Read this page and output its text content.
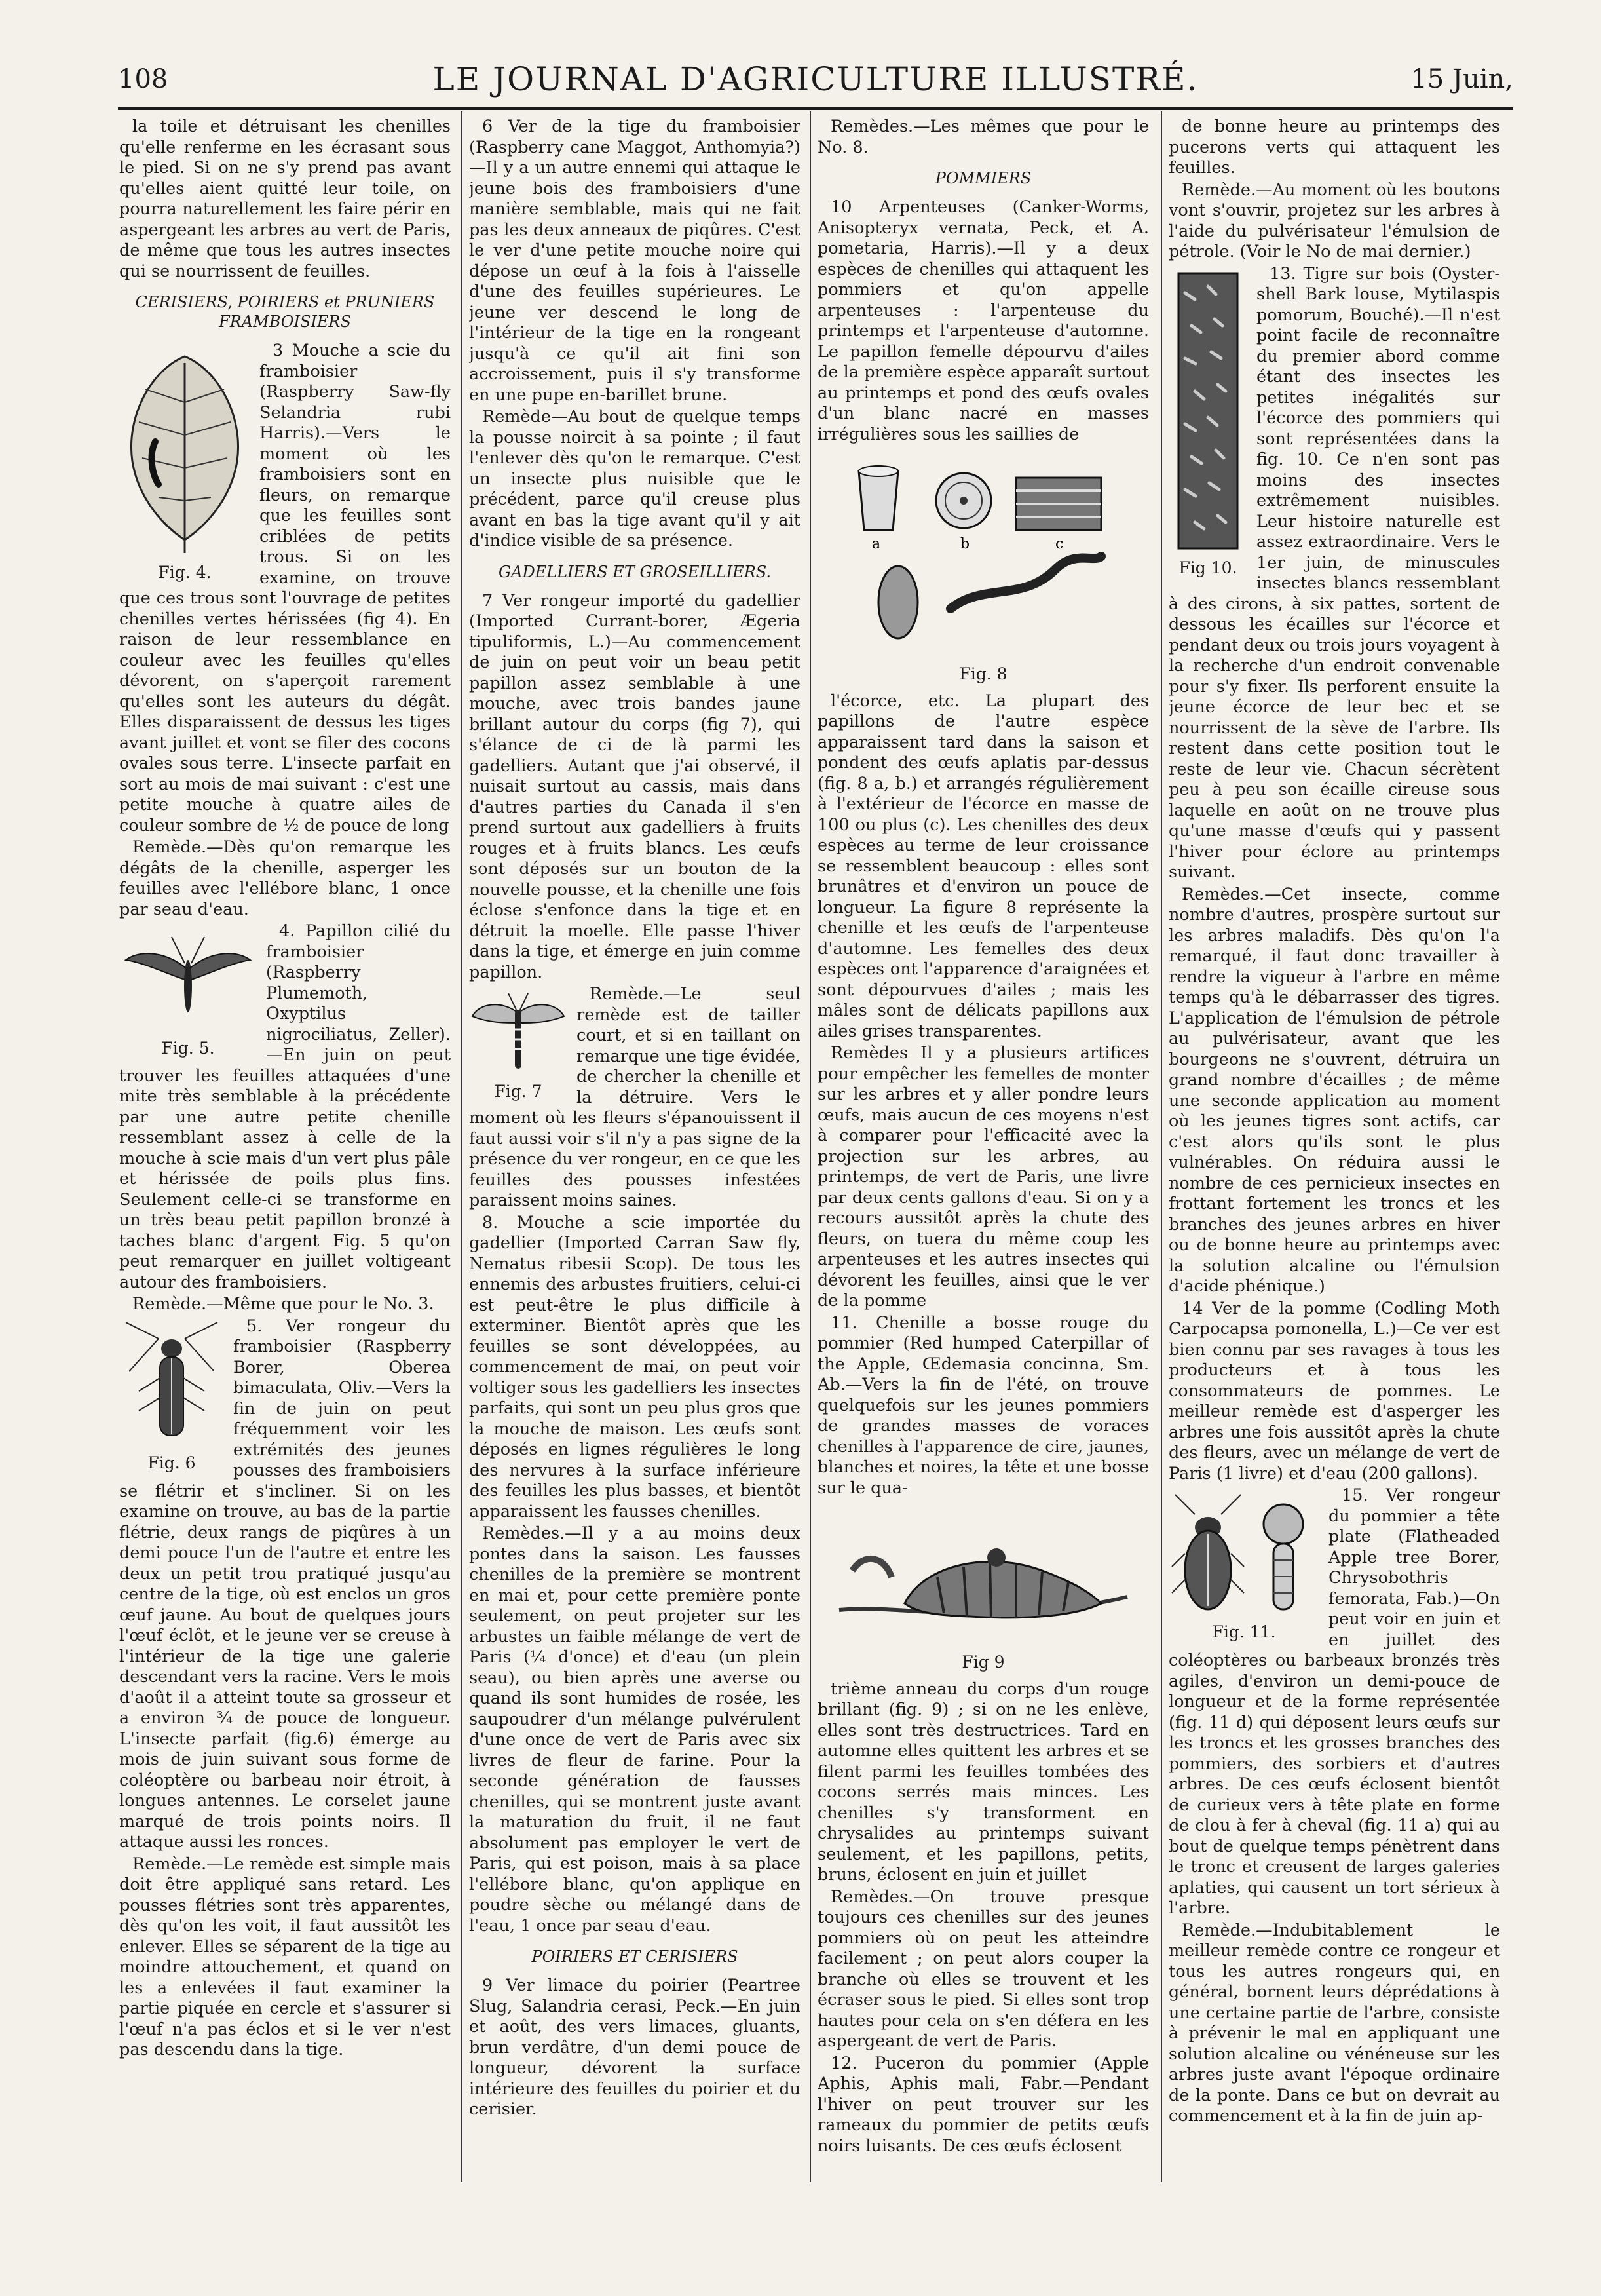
108	LE JOURNAL D'AGRICULTURE ILLUSTRÉ.	15 Juin,

la toile et détruisant les chenilles qu'elle renferme en les écrasant sous le pied. Si on ne s'y prend pas avant qu'elles aient quitté leur toile, on pourra naturellement les faire périr en aspergeant les arbres au vert de Paris, de même que tous les autres insectes qui se nourrissent de feuilles.

CERISIERS, POIRIERS et PRUNIERS FRAMBOISIERS
Fig. 4.

3 Mouche a scie du framboisier (Raspberry Saw-fly Selandria rubi Harris).—Vers le moment où les framboisiers sont en fleurs, on remarque que les feuilles sont criblées de petits trous. Si on les examine, on trouve que ces trous sont l'ouvrage de petites chenilles vertes hérissées (fig 4). En raison de leur ressemblance en couleur avec les feuilles qu'elles dévorent, on s'aperçoit rarement qu'elles sont les auteurs du dégât. Elles disparaissent de dessus les tiges avant juillet et vont se filer des cocons ovales sous terre. L'insecte parfait en sort au mois de mai suivant : c'est une petite mouche à quatre ailes de couleur sombre de ½ de pouce de long

Remède.—Dès qu'on remarque les dégâts de la chenille, asperger les feuilles avec l'ellébore blanc, 1 once par seau d'eau.

Fig. 5.

4. Papillon cilié du framboisier (Raspberry Plumemoth, Oxyptilus nigrociliatus, Zeller).—En juin on peut trouver les feuilles attaquées d'une mite très semblable à la précédente par une autre petite chenille ressemblant assez à celle de la mouche à scie mais d'un vert plus pâle et hérissée de poils plus fins. Seulement celle-ci se transforme en un très beau petit papillon bronzé à taches blanc d'argent Fig. 5 qu'on peut remarquer en juillet voltigeant autour des framboisiers.

Remède.—Même que pour le No. 3.

Fig. 6

5. Ver rongeur du framboisier (Raspberry Borer, Oberea bimaculata, Oliv.—Vers la fin de juin on peut fréquemment voir les extrémités des jeunes pousses des framboisiers se flétrir et s'incliner. Si on les examine on trouve, au bas de la partie flétrie, deux rangs de piqûres à un demi pouce l'un de l'autre et entre les deux un petit trou pratiqué jusqu'au centre de la tige, où est enclos un gros œuf jaune. Au bout de quelques jours l'œuf éclôt, et le jeune ver se creuse à l'intérieur de la tige une galerie descendant vers la racine. Vers le mois d'août il a atteint toute sa grosseur et a environ ¾ de pouce de longueur. L'insecte parfait (fig.6) émerge au mois de juin suivant sous forme de coléoptère ou barbeau noir étroit, à longues antennes. Le corselet jaune marqué de trois points noirs. Il attaque aussi les ronces.

Remède.—Le remède est simple mais doit être appliqué sans retard. Les pousses flétries sont très apparentes, dès qu'on les voit, il faut aussitôt les enlever. Elles se séparent de la tige au moindre attouchement, et quand on les a enlevées il faut examiner la partie piquée en cercle et s'assurer si l'œuf n'a pas éclos et si le ver n'est pas descendu dans la tige.

6 Ver de la tige du framboisier (Raspberry cane Maggot, Anthomyia?)—Il y a un autre ennemi qui attaque le jeune bois des framboisiers d'une manière semblable, mais qui ne fait pas les deux anneaux de piqûres. C'est le ver d'une petite mouche noire qui dépose un œuf à la fois à l'aisselle d'une des feuilles supérieures. Le jeune ver descend le long de l'intérieur de la tige en la rongeant jusqu'à ce qu'il ait fini son accroissement, puis il s'y transforme en une pupe en-barillet brune.

Remède—Au bout de quelque temps la pousse noircit à sa pointe ; il faut l'enlever dès qu'on le remarque. C'est un insecte plus nuisible que le précédent, parce qu'il creuse plus avant en bas la tige avant qu'il y ait d'indice visible de sa présence.

GADELLIERS ET GROSEILLIERS.

7 Ver rongeur importé du gadellier (Imported Currant-borer, Ægeria tipuliformis, L.)—Au commencement de juin on peut voir un beau petit papillon assez semblable à une mouche, avec trois bandes jaune brillant autour du corps (fig 7), qui s'élance de ci de là parmi les gadelliers. Autant que j'ai observé, il nuisait surtout au cassis, mais dans d'autres parties du Canada il s'en prend surtout aux gadelliers à fruits rouges et à fruits blancs. Les œufs sont déposés sur un bouton de la nouvelle pousse, et la chenille une fois éclose s'enfonce dans la tige et en détruit la moelle. Elle passe l'hiver dans la tige, et émerge en juin comme papillon.

Fig. 7

Remède.—Le seul remède est de tailler court, et si en taillant on remarque une tige évidée, de chercher la chenille et la détruire. Vers le moment où les fleurs s'épanouissent il faut aussi voir s'il n'y a pas signe de la présence du ver rongeur, en ce que les feuilles des pousses infestées paraissent moins saines.

8. Mouche a scie importée du gadellier (Imported Carran Saw fly, Nematus ribesii Scop). De tous les ennemis des arbustes fruitiers, celui-ci est peut-être le plus difficile à exterminer. Bientôt après que les feuilles se sont développées, au commencement de mai, on peut voir voltiger sous les gadelliers les insectes parfaits, qui sont un peu plus gros que la mouche de maison. Les œufs sont déposés en lignes régulières le long des nervures à la surface inférieure des feuilles les plus basses, et bientôt apparaissent les fausses chenilles.

Remèdes.—Il y a au moins deux pontes dans la saison. Les fausses chenilles de la première se montrent en mai et, pour cette première ponte seulement, on peut projeter sur les arbustes un faible mélange de vert de Paris (¼ d'once) et d'eau (un plein seau), ou bien après une averse ou quand ils sont humides de rosée, les saupoudrer d'un mélange pulvérulent d'une once de vert de Paris avec six livres de fleur de farine. Pour la seconde génération de fausses chenilles, qui se montrent juste avant la maturation du fruit, il ne faut absolument pas employer le vert de Paris, qui est poison, mais à sa place l'ellébore blanc, qu'on applique en poudre sèche ou mélangé dans de l'eau, 1 once par seau d'eau.

POIRIERS ET CERISIERS

9 Ver limace du poirier (Peartree Slug, Salandria cerasi, Peck.—En juin et août, des vers limaces, gluants, brun verdâtre, d'un demi pouce de longueur, dévorent la surface intérieure des feuilles du poirier et du cerisier.

Remèdes.—Les mêmes que pour le No. 8.

POMMIERS

10 Arpenteuses (Canker-Worms, Anisopteryx vernata, Peck, et A. pometaria, Harris).—Il y a deux espèces de chenilles qui attaquent les pommiers et qu'on appelle arpenteuses : l'arpenteuse du printemps et l'arpenteuse d'automne. Le papillon femelle dépourvu d'ailes de la première espèce apparaît surtout au printemps et pond des œufs ovales d'un blanc nacré en masses irrégulières sous les saillies de

a	b	c
Fig. 8

l'écorce, etc. La plupart des papillons de l'autre espèce apparaissent tard dans la saison et pondent des œufs aplatis par-dessus (fig. 8 a, b.) et arrangés régulièrement à l'extérieur de l'écorce en masse de 100 ou plus (c). Les chenilles des deux espèces au terme de leur croissance se ressemblent beaucoup : elles sont brunâtres et d'environ un pouce de longueur. La figure 8 représente la chenille et les œufs de l'arpenteuse d'automne. Les femelles des deux espèces ont l'apparence d'araignées et sont dépourvues d'ailes ; mais les mâles sont de délicats papillons aux ailes grises transparentes.

Remèdes Il y a plusieurs artifices pour empêcher les femelles de monter sur les arbres et y aller pondre leurs œufs, mais aucun de ces moyens n'est à comparer pour l'efficacité avec la projection sur les arbres, au printemps, de vert de Paris, une livre par deux cents gallons d'eau. Si on y a recours aussitôt après la chute des fleurs, on tuera du même coup les arpenteuses et les autres insectes qui dévorent les feuilles, ainsi que le ver de la pomme

11. Chenille a bosse rouge du pommier (Red humped Caterpillar of the Apple, Œdemasia concinna, Sm. Ab.—Vers la fin de l'été, on trouve quelquefois sur les jeunes pommiers de grandes masses de voraces chenilles à l'apparence de cire, jaunes, blanches et noires, la tête et une bosse sur le qua-

Fig 9

trième anneau du corps d'un rouge brillant (fig. 9) ; si on ne les enlève, elles sont très destructrices. Tard en automne elles quittent les arbres et se filent parmi les feuilles tombées des cocons serrés mais minces. Les chenilles s'y transforment en chrysalides au printemps suivant seulement, et les papillons, petits, bruns, éclosent en juin et juillet

Remèdes.—On trouve presque toujours ces chenilles sur des jeunes pommiers où on peut les atteindre facilement ; on peut alors couper la branche où elles se trouvent et les écraser sous le pied. Si elles sont trop hautes pour cela on s'en défera en les aspergeant de vert de Paris.

12. Puceron du pommier (Apple Aphis, Aphis mali, Fabr.—Pendant l'hiver on peut trouver sur les rameaux du pommier de petits œufs noirs luisants. De ces œufs éclosent

de bonne heure au printemps des pucerons verts qui attaquent les feuilles.

Remède.—Au moment où les boutons vont s'ouvrir, projetez sur les arbres à l'aide du pulvérisateur l'émulsion de pétrole. (Voir le No de mai dernier.)

Fig 10.

13. Tigre sur bois (Oyster-shell Bark louse, Mytilaspis pomorum, Bouché).—Il n'est point facile de reconnaître du premier abord comme étant des insectes les petites inégalités sur l'écorce des pommiers qui sont représentées dans la fig. 10. Ce n'en sont pas moins des insectes extrêmement nuisibles. Leur histoire naturelle est assez extraordinaire. Vers le 1er juin, de minuscules insectes blancs ressemblant à des cirons, à six pattes, sortent de dessous les écailles sur l'écorce et pendant deux ou trois jours voyagent à la recherche d'un endroit convenable pour s'y fixer. Ils perforent ensuite la jeune écorce de leur bec et se nourrissent de la sève de l'arbre. Ils restent dans cette position tout le reste de leur vie. Chacun sécrètent peu à peu son écaille cireuse sous laquelle en août on ne trouve plus qu'une masse d'œufs qui y passent l'hiver pour éclore au printemps suivant.

Remèdes.—Cet insecte, comme nombre d'autres, prospère surtout sur les arbres maladifs. Dès qu'on l'a remarqué, il faut donc travailler à rendre la vigueur à l'arbre en même temps qu'à le débarrasser des tigres. L'application de l'émulsion de pétrole au pulvérisateur, avant que les bourgeons ne s'ouvrent, détruira un grand nombre d'écailles ; de même une seconde application au moment où les jeunes tigres sont actifs, car c'est alors qu'ils sont le plus vulnérables. On réduira aussi le nombre de ces pernicieux insectes en frottant fortement les troncs et les branches des jeunes arbres en hiver ou de bonne heure au printemps avec la solution alcaline ou l'émulsion d'acide phénique.)

14 Ver de la pomme (Codling Moth Carpocapsa pomonella, L.)—Ce ver est bien connu par ses ravages à tous les producteurs et à tous les consommateurs de pommes. Le meilleur remède est d'asperger les arbres une fois aussitôt après la chute des fleurs, avec un mélange de vert de Paris (1 livre) et d'eau (200 gallons).

Fig. 11.

15. Ver rongeur du pommier a tête plate (Flatheaded Apple tree Borer, Chrysobothris femorata, Fab.)—On peut voir en juin et en juillet des coléoptères ou barbeaux bronzés très agiles, d'environ un demi-pouce de longueur et de la forme représentée (fig. 11 d) qui déposent leurs œufs sur les troncs et les grosses branches des pommiers, des sorbiers et d'autres arbres. De ces œufs éclosent bientôt de curieux vers à tête plate en forme de clou à fer à cheval (fig. 11 a) qui au bout de quelque temps pénètrent dans le tronc et creusent de larges galeries aplaties, qui causent un tort sérieux à l'arbre.

Remède.—Indubitablement le meilleur remède contre ce rongeur et tous les autres rongeurs qui, en général, bornent leurs déprédations à une certaine partie de l'arbre, consiste à prévenir le mal en appliquant une solution alcaline ou vénéneuse sur les arbres juste avant l'époque ordinaire de la ponte. Dans ce but on devrait au commencement et à la fin de juin ap-
